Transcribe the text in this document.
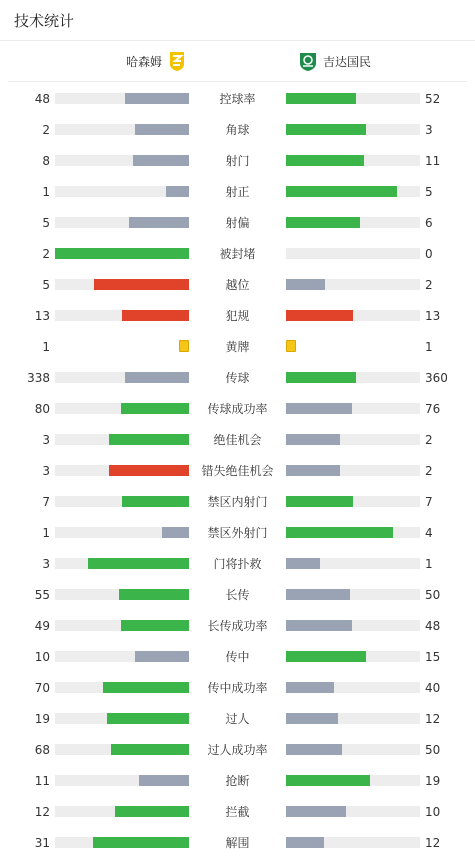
技术统计
哈森姆	吉达国民
48	控球率	52
2	角球	3
8	射门	11
1	射正	5
5	射偏	6
2	被封堵	0
5	越位	2
13	犯规	13
1	黄牌	1
338	传球	360
80	传球成功率	76
3	绝佳机会	2
3	错失绝佳机会	2
7	禁区内射门	7
1	禁区外射门	4
3	门将扑救	1
55	长传	50
49	长传成功率	48
10	传中	15
70	传中成功率	40
19	过人	12
68	过人成功率	50
11	抢断	19
12	拦截	10
31	解围	12
